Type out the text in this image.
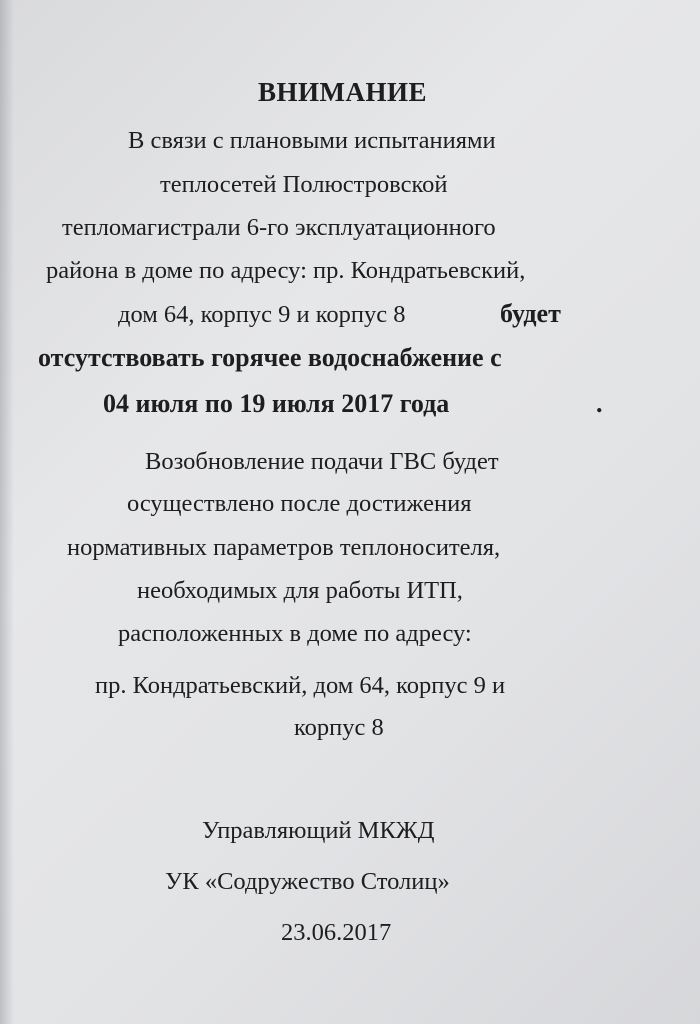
ВНИМАНИЕ
В связи с плановыми испытаниями
теплосетей Полюстровской
тепломагистрали 6-го эксплуатационного
района в доме по адресу: пр. Кондратьевский,
дом 64, корпус 9 и корпус 8	будет
отсутствовать горячее водоснабжение с
04 июля по 19 июля 2017 года	.
Возобновление подачи ГВС будет
осуществлено после достижения
нормативных параметров теплоносителя,
необходимых для работы ИТП,
расположенных в доме по адресу:
пр. Кондратьевский, дом 64, корпус 9 и
корпус 8
Управляющий МКЖД
УК «Содружество Столиц»
23.06.2017
